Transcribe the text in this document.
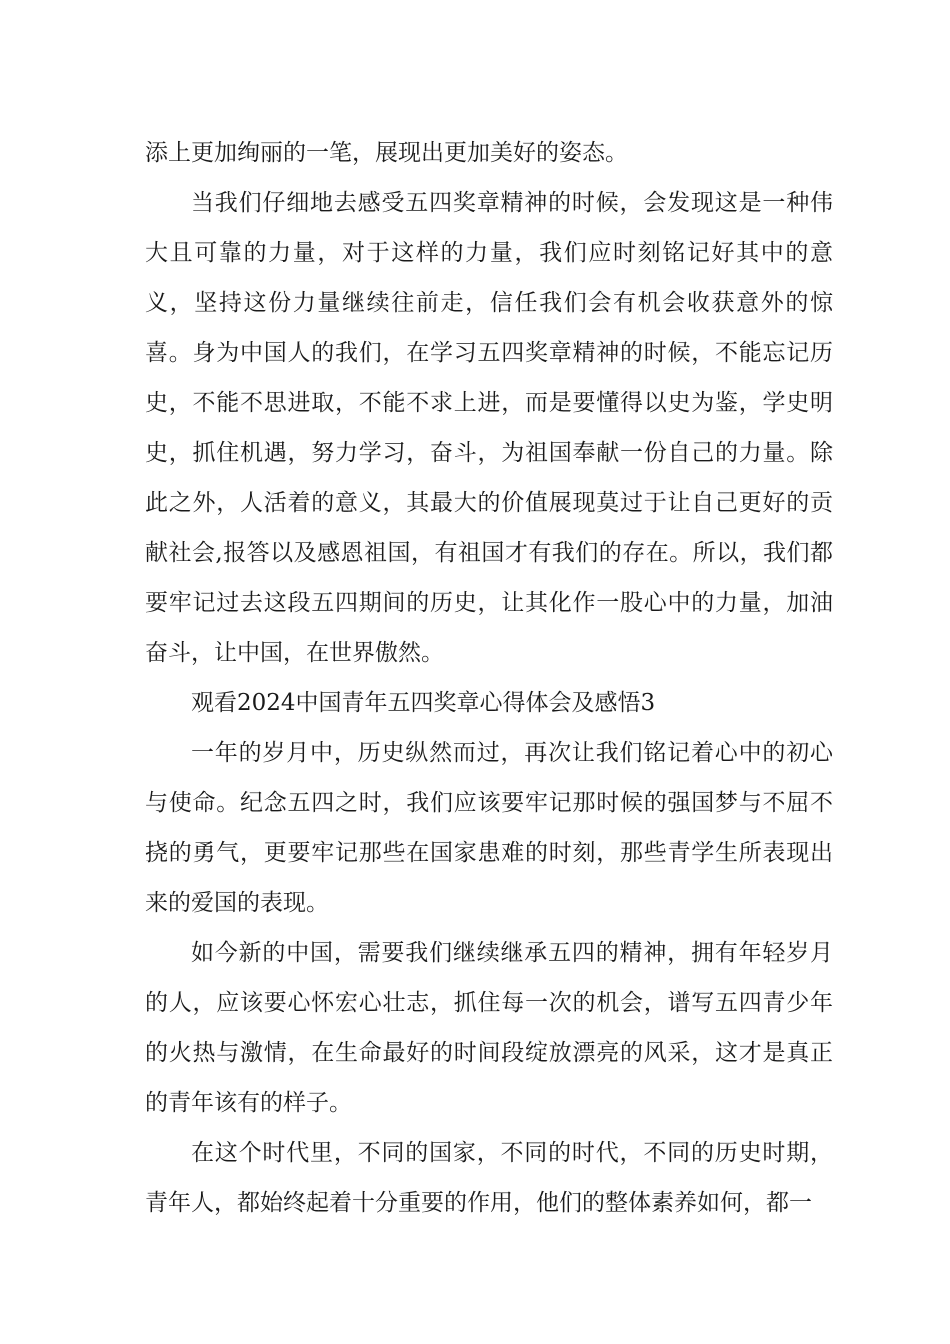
添上更加绚丽的一笔，展现出更加美好的姿态。

当我们仔细地去感受五四奖章精神的时候，会发现这是一种伟大且可靠的力量，对于这样的力量，我们应时刻铭记好其中的意义，坚持这份力量继续往前走，信任我们会有机会收获意外的惊喜。身为中国人的我们，在学习五四奖章精神的时候，不能忘记历史，不能不思进取，不能不求上进，而是要懂得以史为鉴，学史明史，抓住机遇，努力学习，奋斗，为祖国奉献一份自己的力量。除此之外，人活着的意义，其最大的价值展现莫过于让自己更好的贡献社会,报答以及感恩祖国，有祖国才有我们的存在。所以，我们都要牢记过去这段五四期间的历史，让其化作一股心中的力量，加油奋斗，让中国，在世界傲然。

观看2024中国青年五四奖章心得体会及感悟3

一年的岁月中，历史纵然而过，再次让我们铭记着心中的初心与使命。纪念五四之时，我们应该要牢记那时候的强国梦与不屈不挠的勇气，更要牢记那些在国家患难的时刻，那些青学生所表现出来的爱国的表现。

如今新的中国，需要我们继续继承五四的精神，拥有年轻岁月的人，应该要心怀宏心壮志，抓住每一次的机会，谱写五四青少年的火热与激情，在生命最好的时间段绽放漂亮的风采，这才是真正的青年该有的样子。

在这个时代里，不同的国家，不同的时代，不同的历史时期，青年人，都始终起着十分重要的作用，他们的整体素养如何，都一
